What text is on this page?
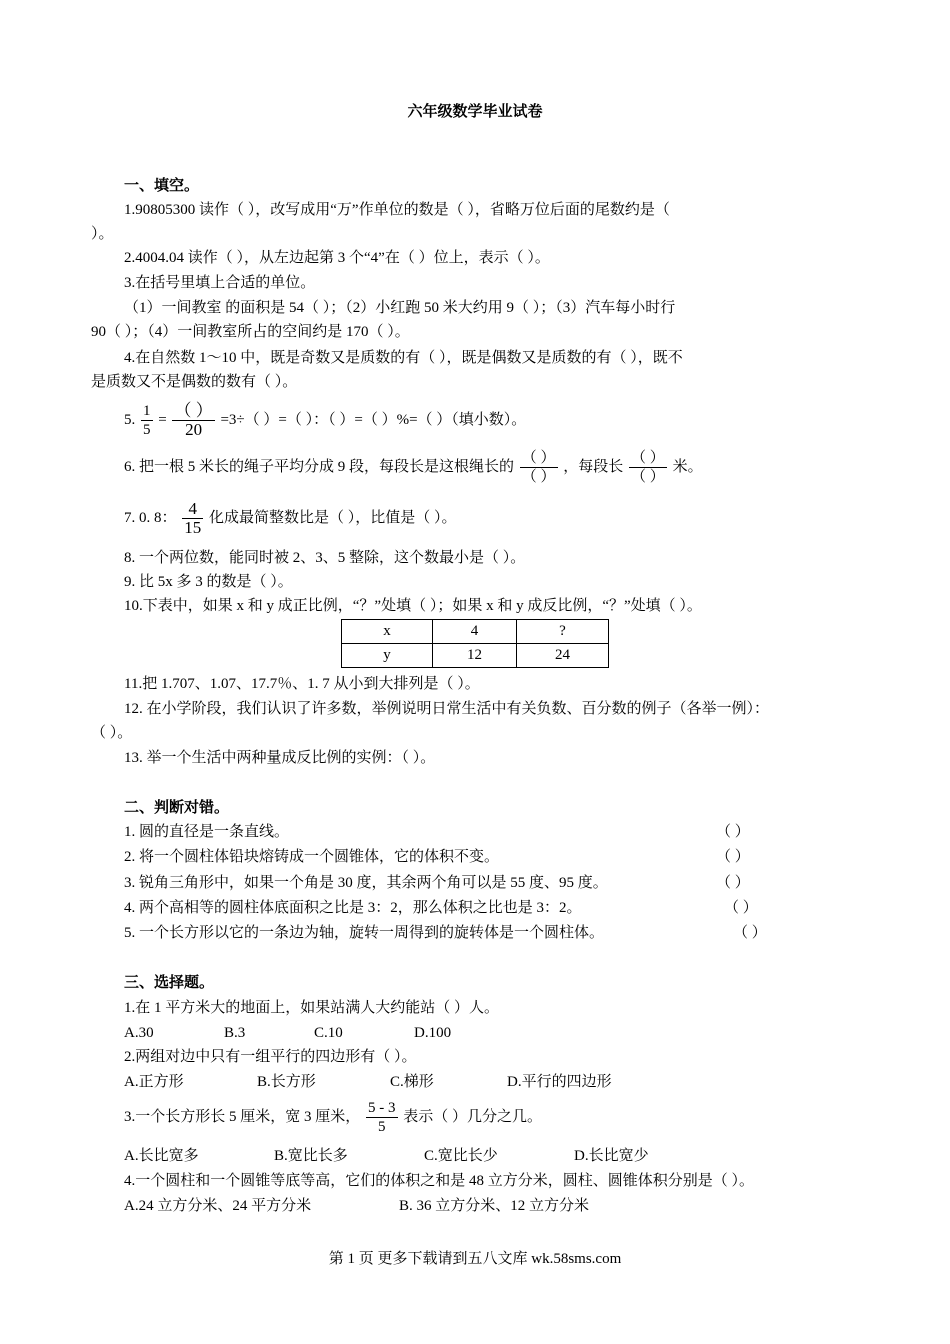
六年级数学毕业试卷
一、填空。
1.90805300 读作（ ），改写成用“万”作单位的数是（ ），省略万位后面的尾数约是（
）。
2.4004.04 读作（ ），从左边起第 3 个“4”在（ ）位上，表示（ ）。
3.在括号里填上合适的单位。
（1）一间教室 的面积是 54（ ）；（2）小红跑 50 米大约用 9（ ）；（3）汽车每小时行
90（ ）；（4）一间教室所占的空间约是 170（ ）。
4.在自然数 1～10 中，既是奇数又是质数的有（ ），既是偶数又是质数的有（ ），既不
是质数又不是偶数的数有（ ）。
5. $\frac{1}{5} = \frac{( )}{20} =3\div$（ ）=（ ）：（ ）=（ ）%=（ ）（填小数）。
6. 把一根 5 米长的绳子平均分成 9 段，每段长是这根绳长的 $\frac{( )}{( )}$ ，每段长 $\frac{( )}{( )}$ 米。
7. 0. 8： $\frac{4}{15}$ 化成最简整数比是（ ），比值是（ ）。
8. 一个两位数，能同时被 2、3、5 整除，这个数最小是（ ）。
9. 比 5x 多 3 的数是（ ）。
10.下表中，如果 x 和 y 成正比例，“？”处填（ ）；如果 x 和 y 成反比例，“？”处填（ ）。
x	4	?
y	12	24
11.把 1.707、1.07、17.7％、1. 7 从小到大排列是（ ）。
12. 在小学阶段，我们认识了许多数，举例说明日常生活中有关负数、百分数的例子（各举一例）：
（ ）。
13. 举一个生活中两种量成反比例的实例：（ ）。
二、判断对错。
1. 圆的直径是一条直线。	（ ）
2. 将一个圆柱体铅块熔铸成一个圆锥体，它的体积不变。	（ ）
3. 锐角三角形中，如果一个角是 30 度，其余两个角可以是 55 度、95 度。	（ ）
4. 两个高相等的圆柱体底面积之比是 3：2，那么体积之比也是 3：2。	（ ）
5. 一个长方形以它的一条边为轴，旋转一周得到的旋转体是一个圆柱体。	（ ）
三、选择题。
1.在 1 平方米大的地面上，如果站满人大约能站（ ）人。
A.30	B.3	C.10	D.100
2.两组对边中只有一组平行的四边形有（ ）。
A.正方形	B.长方形	C.梯形	D.平行的四边形
3.一个长方形长 5 厘米，宽 3 厘米， $\frac{5 - 3}{5}$ 表示（ ）几分之几。
A.长比宽多	B.宽比长多	C.宽比长少	D.长比宽少
4.一个圆柱和一个圆锥等底等高，它们的体积之和是 48 立方分米，圆柱、圆锥体积分别是（ ）。
A.24 立方分米、24 平方分米	B. 36 立方分米、12 立方分米
第 1 页 更多下载请到五八文库 wk.58sms.com
